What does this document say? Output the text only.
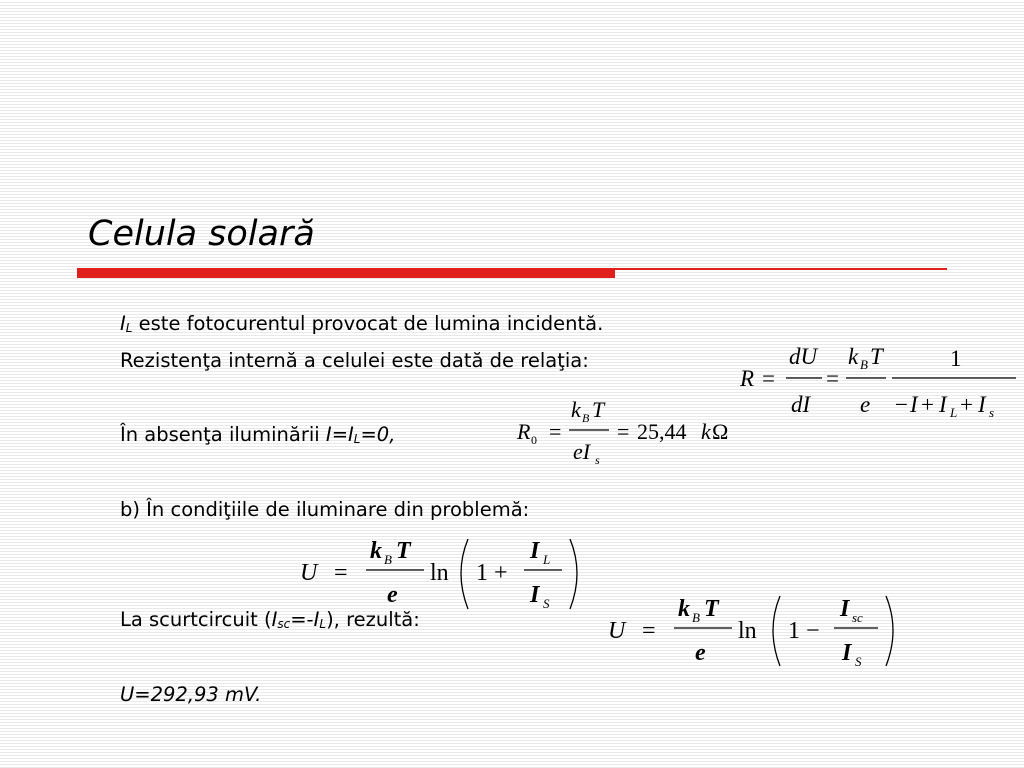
Celula solară
$I_L$ este fotocurentul provocat de lumina incidentă.
Rezistenţa internă a celulei este dată de relaţia:
R =
dU
dI
=
k B T
e
1
− I + I L + I s
În absenţa iluminării $I=I_L=0$,	R 0 =
k B T
eI s
= 25,44 k Ω
b) În condiţiile de iluminare din problemă:
U =
k B T
e
ln 1 +
I L
I S
La scurtcircuit $(I_{sc}=-I_L)$, rezultă:	U =
k B T
e
ln 1 −
I sc
I S
U=292,93 mV.
